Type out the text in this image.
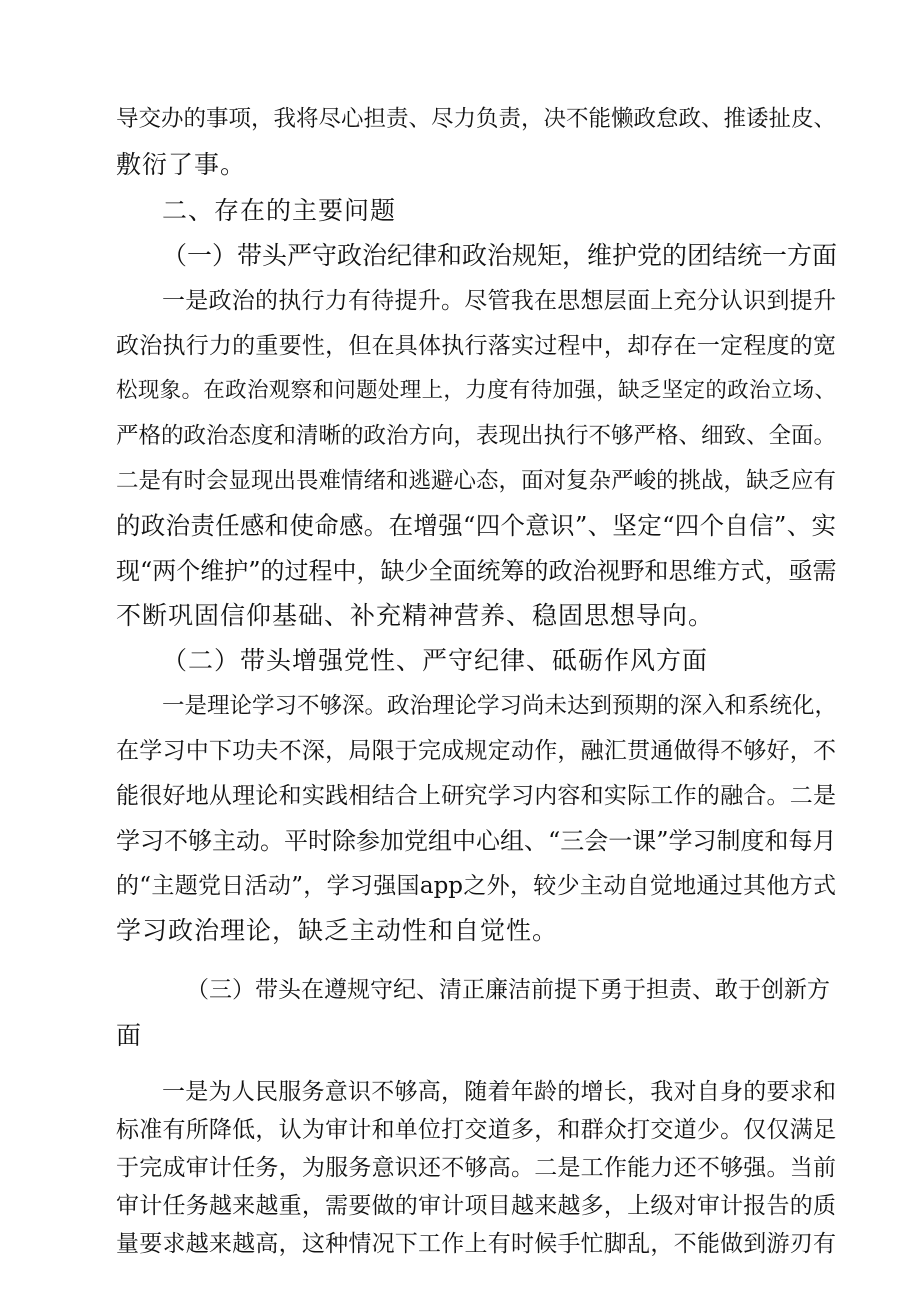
导交办的事项，我将尽心担责、尽力负责，决不能懒政怠政、推诿扯皮、
敷衍了事。
二、存在的主要问题
（一）带头严守政治纪律和政治规矩，维护党的团结统一方面
一是政治的执行力有待提升。尽管我在思想层面上充分认识到提升
政治执行力的重要性，但在具体执行落实过程中，却存在一定程度的宽
松现象。在政治观察和问题处理上，力度有待加强，缺乏坚定的政治立场、
严格的政治态度和清晰的政治方向，表现出执行不够严格、细致、全面。
二是有时会显现出畏难情绪和逃避心态，面对复杂严峻的挑战，缺乏应有
的政治责任感和使命感。在增强“四个意识”、坚定“四个自信”、实
现“两个维护”的过程中，缺少全面统筹的政治视野和思维方式，亟需
不断巩固信仰基础、补充精神营养、稳固思想导向。
（二）带头增强党性、严守纪律、砥砺作风方面
一是理论学习不够深。政治理论学习尚未达到预期的深入和系统化，
在学习中下功夫不深，局限于完成规定动作，融汇贯通做得不够好，不
能很好地从理论和实践相结合上研究学习内容和实际工作的融合。二是
学习不够主动。平时除参加党组中心组、“三会一课”学习制度和每月
的“主题党日活动”，学习强国app之外，较少主动自觉地通过其他方式
学习政治理论，缺乏主动性和自觉性。
（三）带头在遵规守纪、清正廉洁前提下勇于担责、敢于创新方
面
一是为人民服务意识不够高，随着年龄的增长，我对自身的要求和
标准有所降低，认为审计和单位打交道多，和群众打交道少。仅仅满足
于完成审计任务，为服务意识还不够高。二是工作能力还不够强。当前
审计任务越来越重，需要做的审计项目越来越多，上级对审计报告的质
量要求越来越高，这种情况下工作上有时候手忙脚乱，不能做到游刃有
